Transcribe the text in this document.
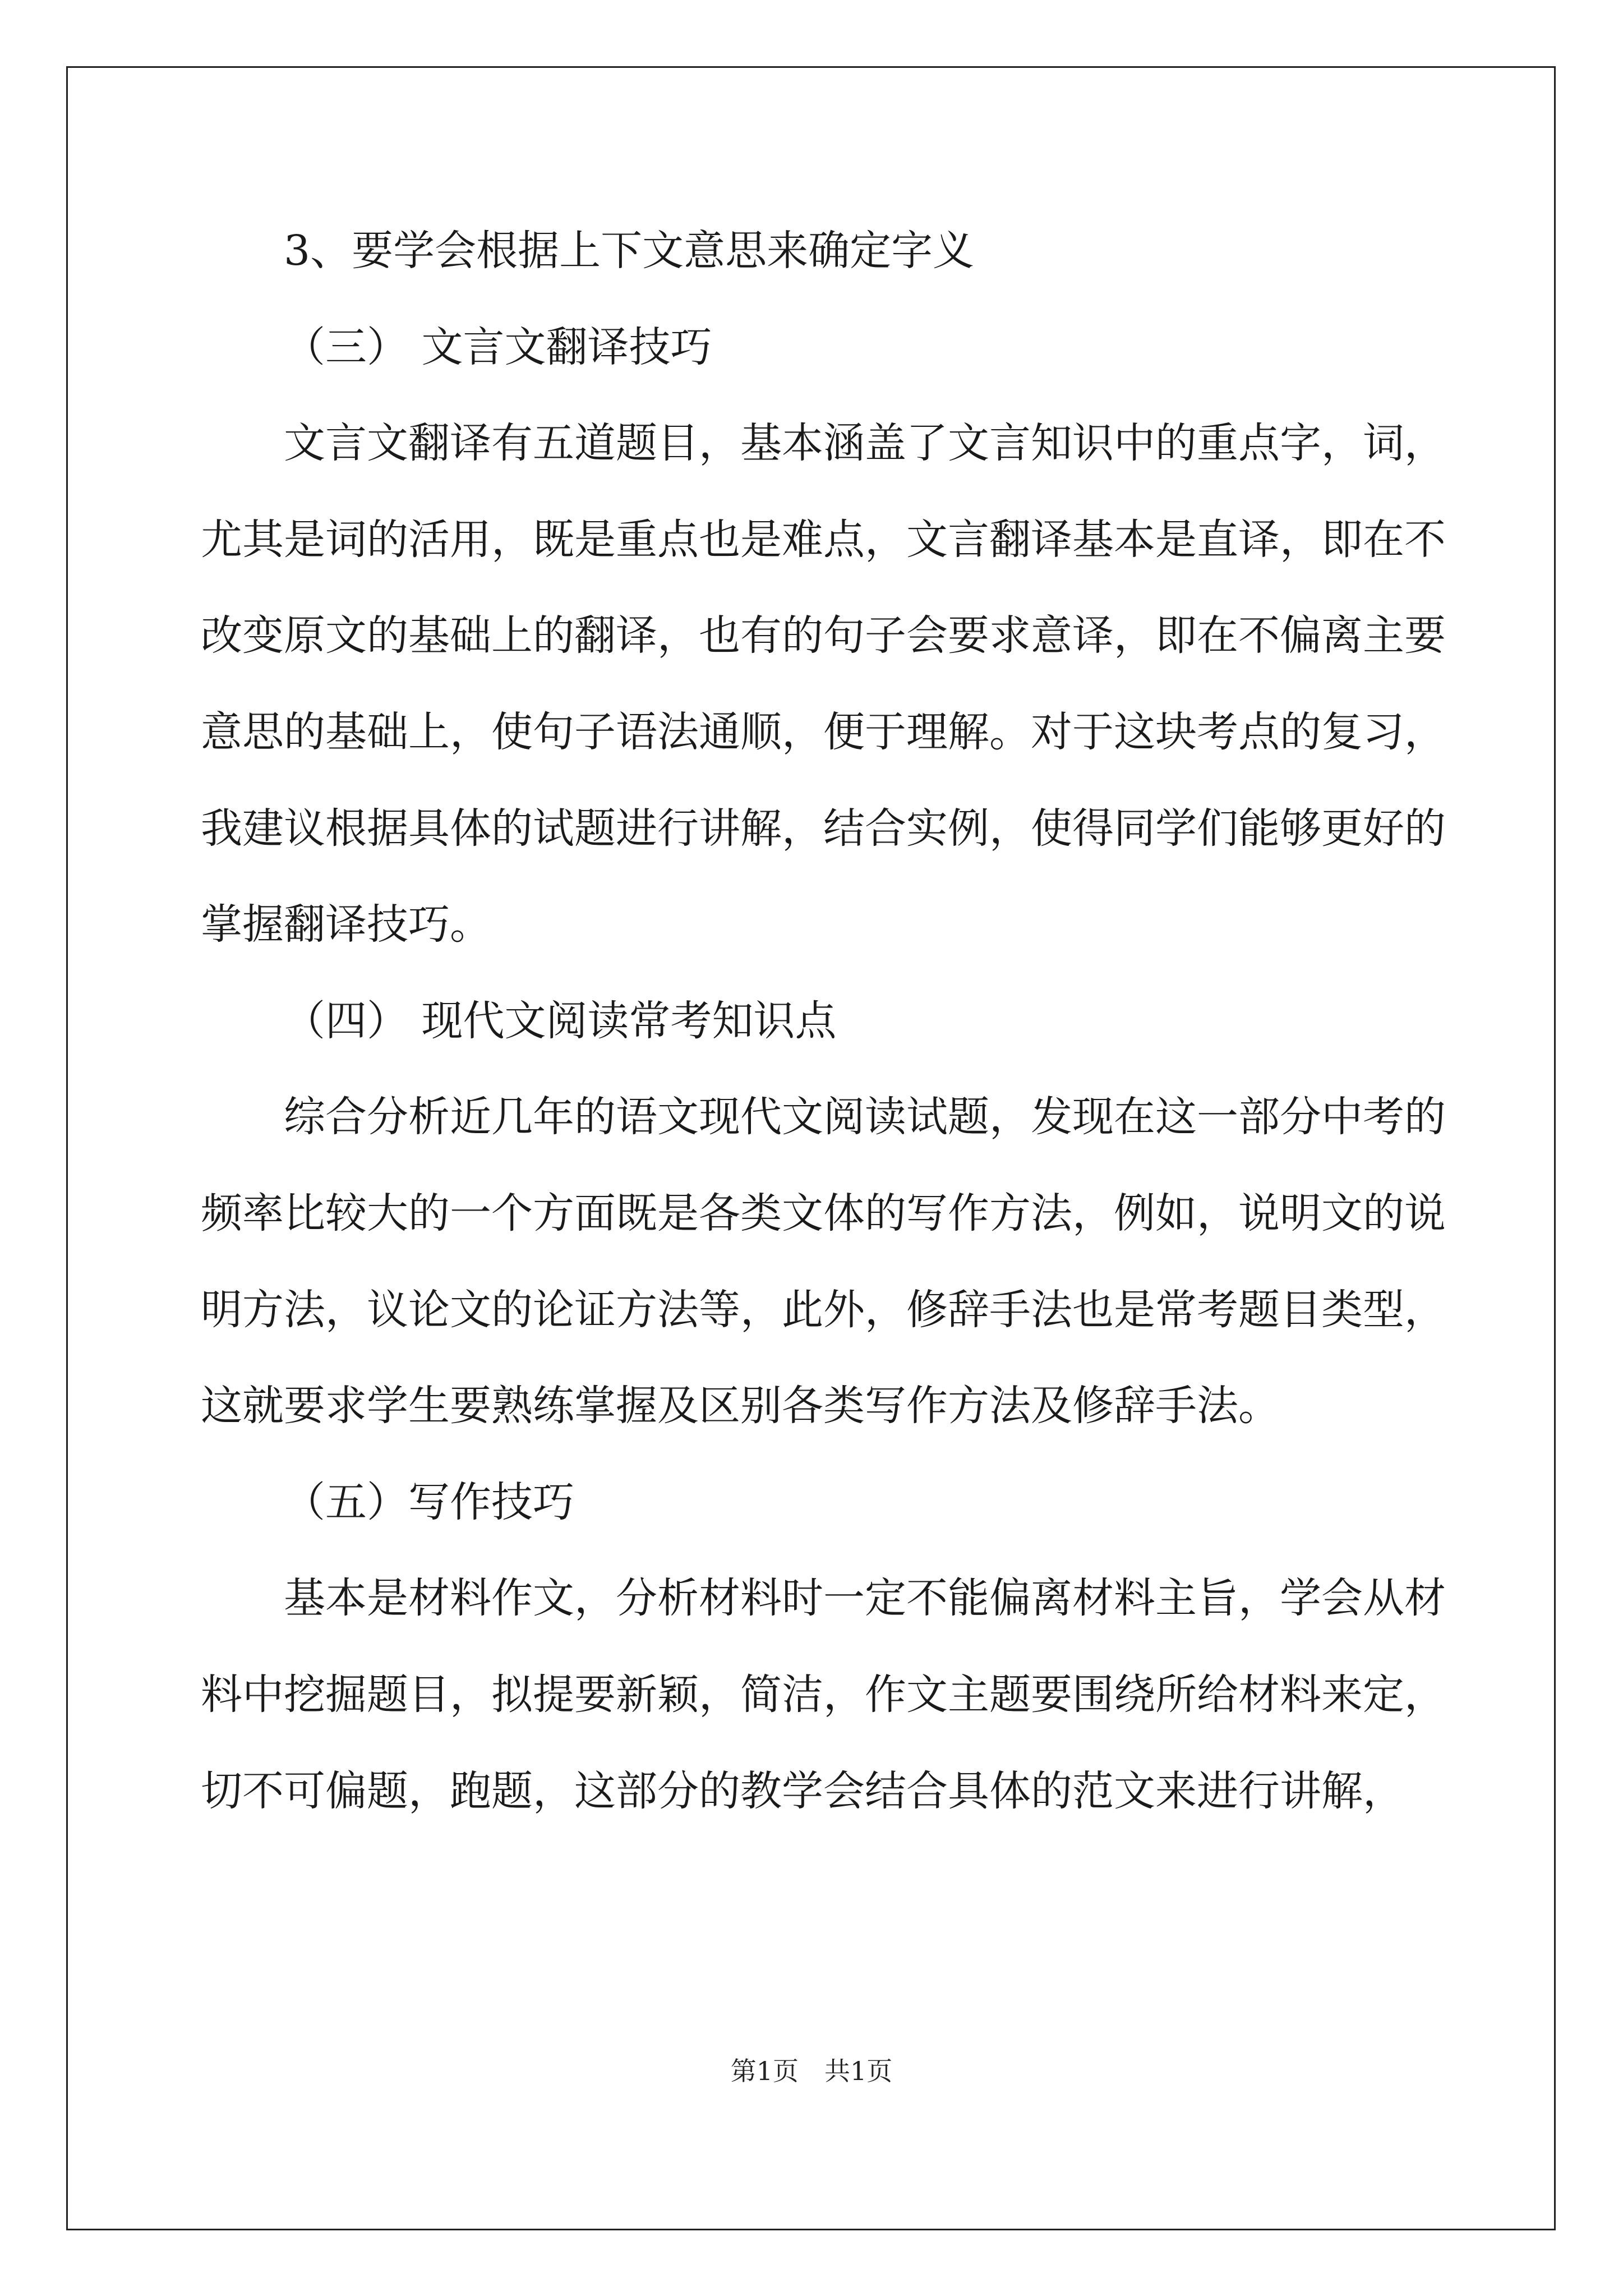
3、要学会根据上下文意思来确定字义
（三） 文言文翻译技巧
文言文翻译有五道题目，基本涵盖了文言知识中的重点字，词，
尤其是词的活用，既是重点也是难点，文言翻译基本是直译，即在不
改变原文的基础上的翻译，也有的句子会要求意译，即在不偏离主要
意思的基础上，使句子语法通顺，便于理解。对于这块考点的复习，
我建议根据具体的试题进行讲解，结合实例，使得同学们能够更好的
掌握翻译技巧。
（四） 现代文阅读常考知识点
综合分析近几年的语文现代文阅读试题，发现在这一部分中考的
频率比较大的一个方面既是各类文体的写作方法，例如，说明文的说
明方法，议论文的论证方法等，此外，修辞手法也是常考题目类型，
这就要求学生要熟练掌握及区别各类写作方法及修辞手法。
（五）写作技巧
基本是材料作文，分析材料时一定不能偏离材料主旨，学会从材
料中挖掘题目，拟提要新颖，简洁，作文主题要围绕所给材料来定，
切不可偏题，跑题，这部分的教学会结合具体的范文来进行讲解，
第1页 共1页
